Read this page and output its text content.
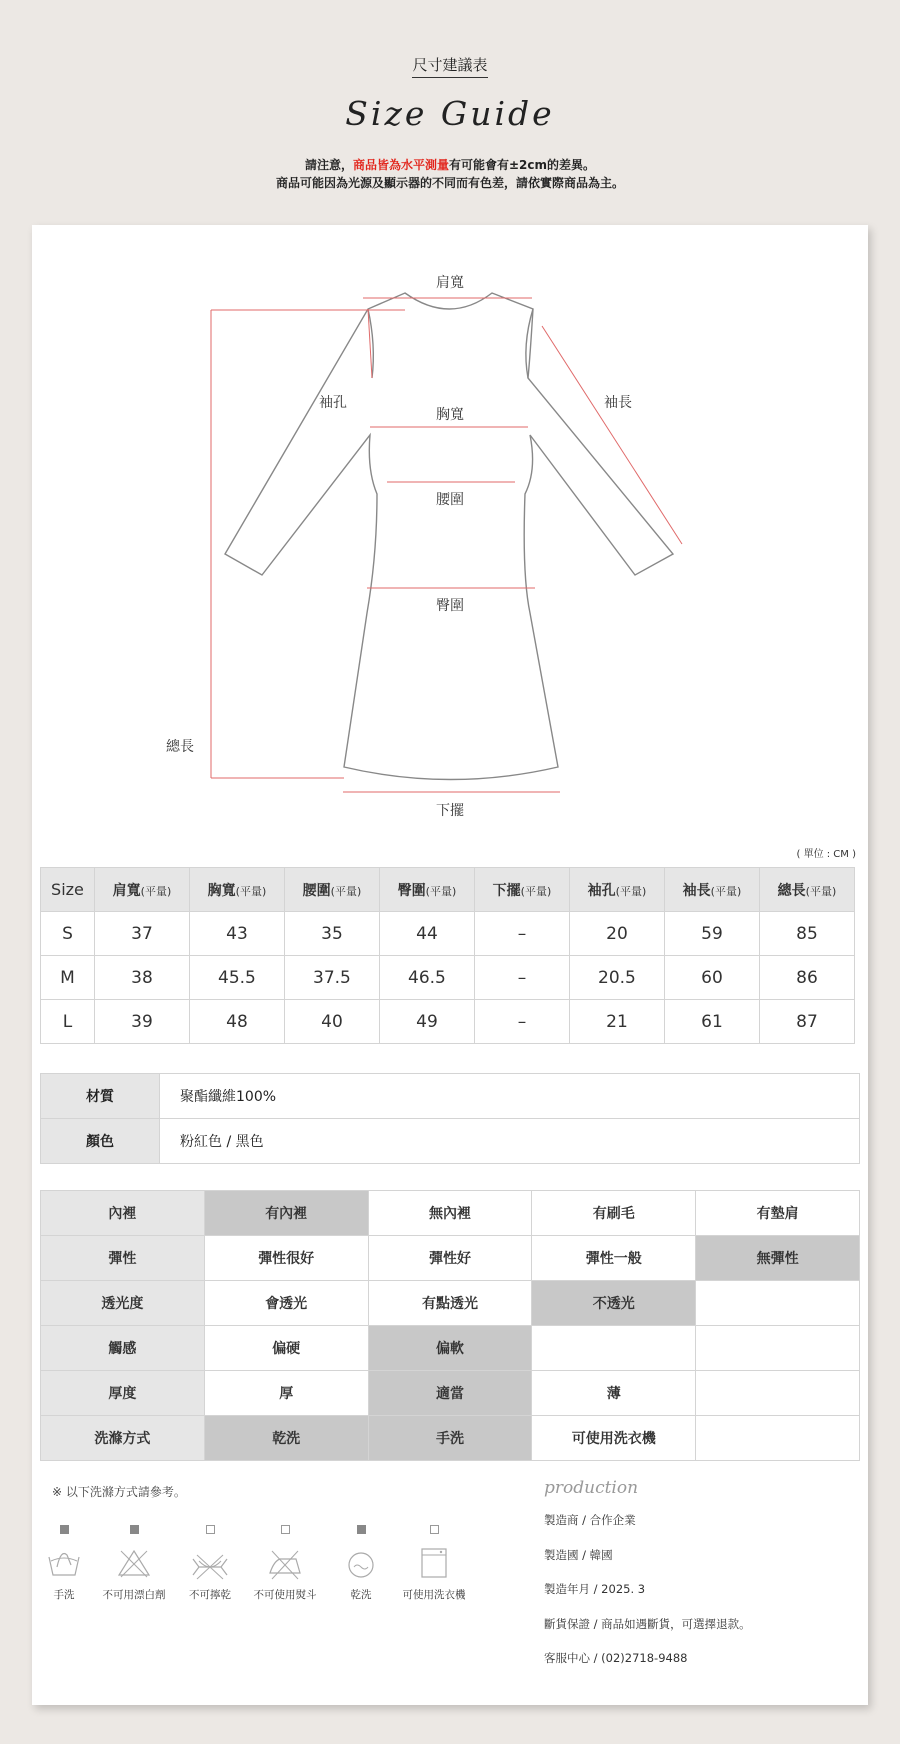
尺寸建議表
Size Guide
請注意，商品皆為水平測量有可能會有±2cm的差異。
商品可能因為光源及顯示器的不同而有色差，請依實際商品為主。
肩寬
袖孔	袖長
胸寬
腰圍
臀圍
總長
下擺
( 單位 : CM )
Size	肩寬(平量)	胸寬(平量)	腰圍(平量)	臀圍(平量)	下擺(平量)	袖孔(平量)	袖長(平量)	總長(平量)
S	37	43	35	44	–	20	59	85
M	38	45.5	37.5	46.5	–	20.5	60	86
L	39	48	40	49	–	21	61	87
材質	聚酯纖維100%
顏色	粉紅色 / 黑色
內裡	有內裡	無內裡	有刷毛	有墊肩
彈性	彈性很好	彈性好	彈性一般	無彈性
透光度	會透光	有點透光	不透光	
觸感	偏硬	偏軟		
厚度	厚	適當	薄	
洗滌方式	乾洗	手洗	可使用洗衣機	
※ 以下洗滌方式請參考。
手洗	不可用漂白劑	不可擰乾	不可使用熨斗	乾洗	可使用洗衣機
production
製造商 / 合作企業
製造國 / 韓國
製造年月 / 2025. 3
斷貨保證 / 商品如遇斷貨，可選擇退款。
客服中心 / (02)2718-9488
